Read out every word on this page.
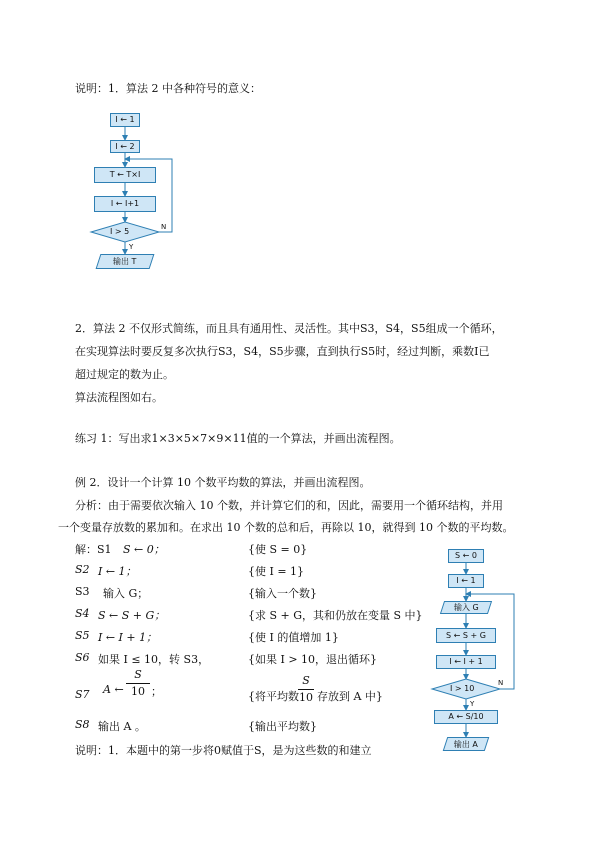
说明：1．算法 2 中各种符号的意义：
I ← 1
I ← 2
T ← T×I
I ← I+1
I > 5
Y
N
输出 T
2．算法 2 不仅形式简练，而且具有通用性、灵活性。其中S3，S4，S5组成一个循环，
在实现算法时要反复多次执行S3，S4，S5步骤，直到执行S5时，经过判断，乘数I已
超过规定的数为止。
算法流程图如右。
练习 1：写出求1×3×5×7×9×11值的一个算法，并画出流程图。
例 2．设计一个计算 10 个数平均数的算法，并画出流程图。
分析：由于需要依次输入 10 个数，并计算它们的和，因此，需要用一个循环结构，并用
一个变量存放数的累加和。在求出 10 个数的总和后，再除以 10，就得到 10 个数的平均数。
解：S1 S ← 0；	{使 S = 0}
S2 I ← 1；	{使 I = 1}
S3 输入 G；	{输入一个数}
S4 S ← S + G；	{求 S + G，其和仍放在变量 S 中}
S5 I ← I + 1；	{使 I 的值增加 1}
S6 如果 I ≤ 10，转 S3，	{如果 I > 10，退出循环}
S7 A ← $\frac{S}{10}$ ；	{将平均数 $\frac{S}{10}$ 存放到 A 中}
S8 输出 A 。	{输出平均数}
S ← 0
I ← 1
输入 G
S ← S + G
I ← I + 1
I > 10
Y
N
A ← S/10
输出 A
说明：1．本题中的第一步将0赋值于S，是为这些数的和建立
